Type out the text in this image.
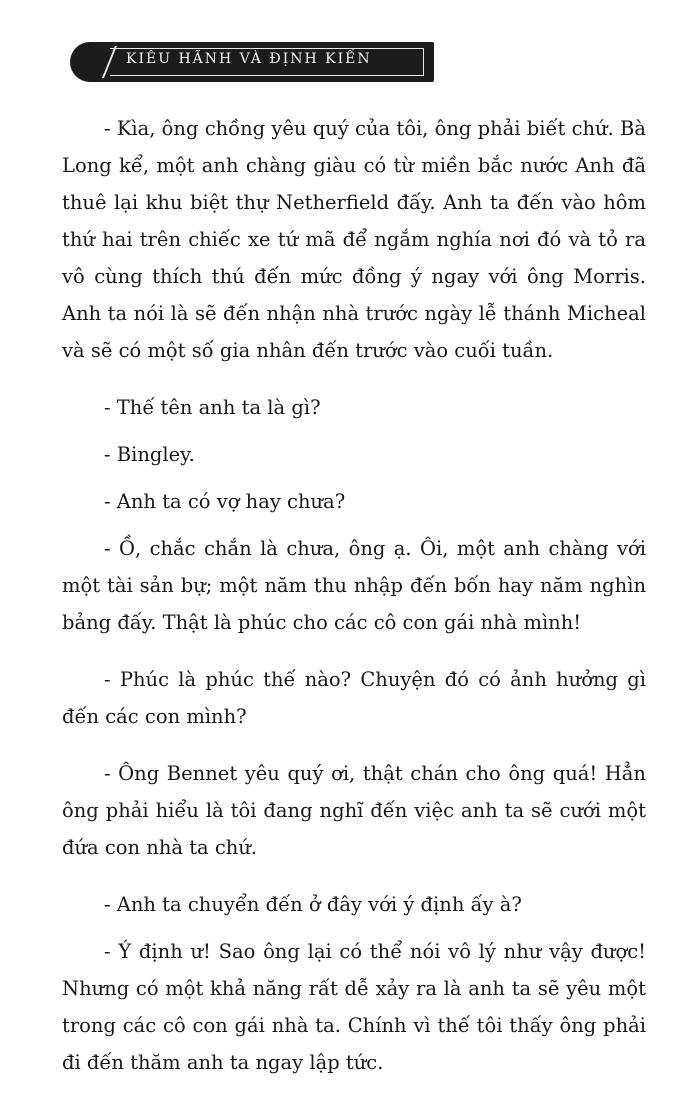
KIÊU HÃNH VÀ ĐỊNH KIẾN

- Kìa, ông chồng yêu quý của tôi, ông phải biết chứ. Bà Long kể, một anh chàng giàu có từ miền bắc nước Anh đã thuê lại khu biệt thự Netherfield đấy. Anh ta đến vào hôm thứ hai trên chiếc xe tứ mã để ngắm nghía nơi đó và tỏ ra vô cùng thích thú đến mức đồng ý ngay với ông Morris. Anh ta nói là sẽ đến nhận nhà trước ngày lễ thánh Micheal và sẽ có một số gia nhân đến trước vào cuối tuần.

- Thế tên anh ta là gì?

- Bingley.

- Anh ta có vợ hay chưa?

- Ồ, chắc chắn là chưa, ông ạ. Ôi, một anh chàng với một tài sản bự; một năm thu nhập đến bốn hay năm nghìn bảng đấy. Thật là phúc cho các cô con gái nhà mình!

- Phúc là phúc thế nào? Chuyện đó có ảnh hưởng gì đến các con mình?

- Ông Bennet yêu quý ơi, thật chán cho ông quá! Hẳn ông phải hiểu là tôi đang nghĩ đến việc anh ta sẽ cưới một đứa con nhà ta chứ.

- Anh ta chuyển đến ở đây với ý định ấy à?

- Ý định ư! Sao ông lại có thể nói vô lý như vậy được! Nhưng có một khả năng rất dễ xảy ra là anh ta sẽ yêu một trong các cô con gái nhà ta. Chính vì thế tôi thấy ông phải đi đến thăm anh ta ngay lập tức.
